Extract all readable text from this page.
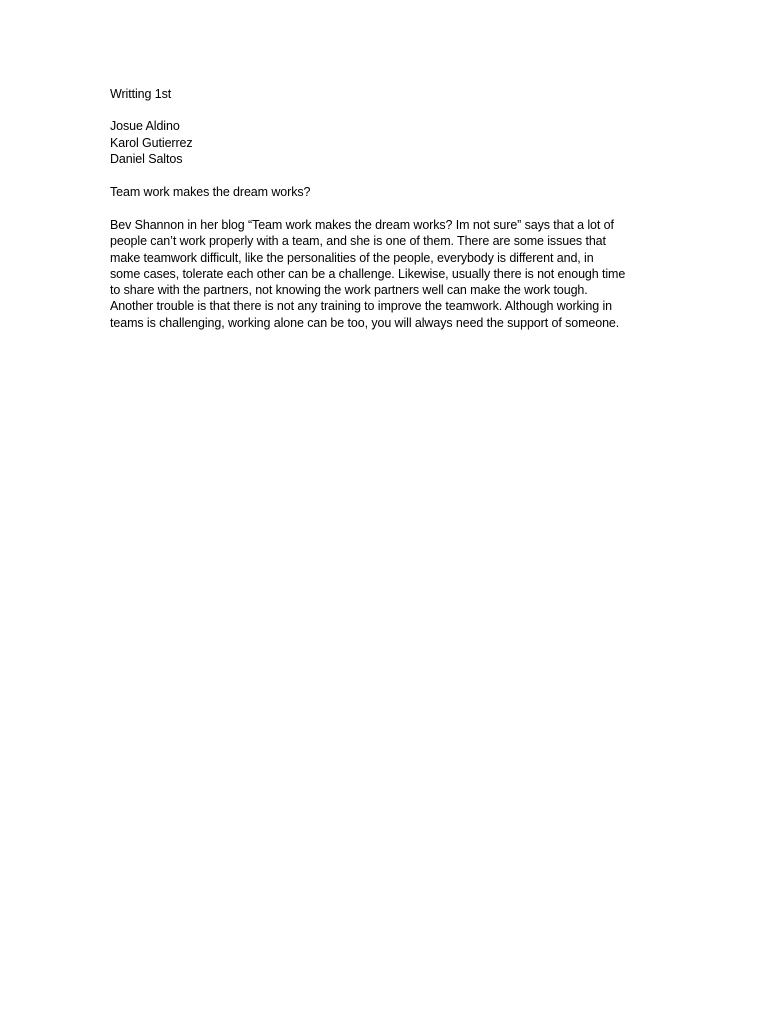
Writting 1st
Josue Aldino
Karol Gutierrez
Daniel Saltos
Team work makes the dream works?
Bev Shannon in her blog “Team work makes the dream works? Im not sure” says that a lot of
people can’t work properly with a team, and she is one of them. There are some issues that
make teamwork difficult, like the personalities of the people, everybody is different and, in
some cases, tolerate each other can be a challenge. Likewise, usually there is not enough time
to share with the partners, not knowing the work partners well can make the work tough.
Another trouble is that there is not any training to improve the teamwork. Although working in
teams is challenging, working alone can be too, you will always need the support of someone.
